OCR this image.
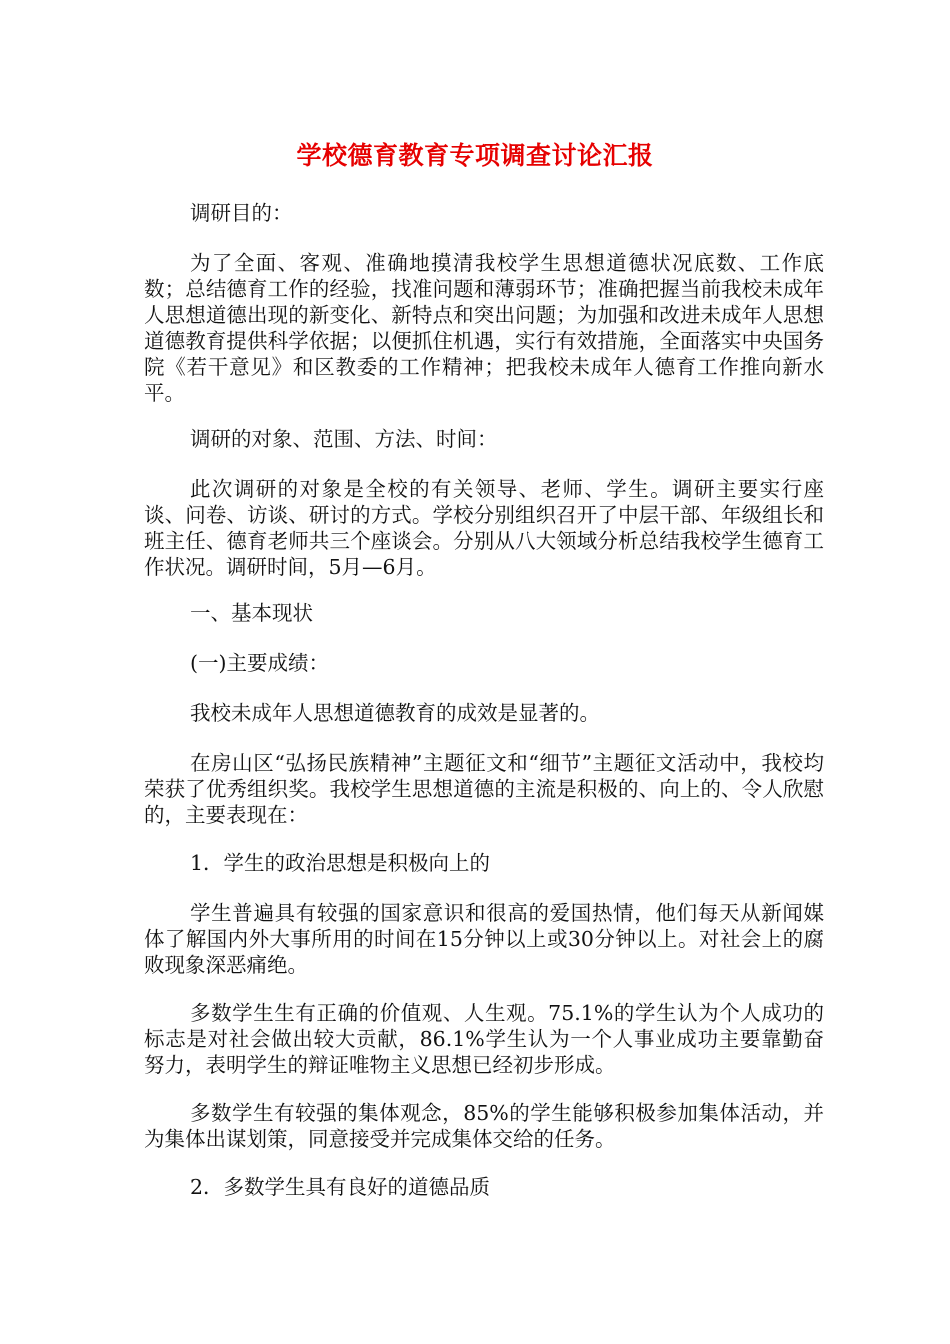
学校德育教育专项调查讨论汇报

调研目的：

为了全面、客观、准确地摸清我校学生思想道德状况底数、工作底数；总结德育工作的经验，找准问题和薄弱环节；准确把握当前我校未成年人思想道德出现的新变化、新特点和突出问题；为加强和改进未成年人思想道德教育提供科学依据；以便抓住机遇，实行有效措施，全面落实中央国务院《若干意见》和区教委的工作精神；把我校未成年人德育工作推向新水平。

调研的对象、范围、方法、时间：

此次调研的对象是全校的有关领导、老师、学生。调研主要实行座谈、问卷、访谈、研讨的方式。学校分别组织召开了中层干部、年级组长和班主任、德育老师共三个座谈会。分别从八大领域分析总结我校学生德育工作状况。调研时间，5月—6月。

一、基本现状

(一)主要成绩：

我校未成年人思想道德教育的成效是显著的。

在房山区“弘扬民族精神”主题征文和“细节”主题征文活动中，我校均荣获了优秀组织奖。我校学生思想道德的主流是积极的、向上的、令人欣慰的，主要表现在：

1．学生的政治思想是积极向上的

学生普遍具有较强的国家意识和很高的爱国热情，他们每天从新闻媒体了解国内外大事所用的时间在15分钟以上或30分钟以上。对社会上的腐败现象深恶痛绝。

多数学生生有正确的价值观、人生观。75.1%的学生认为个人成功的标志是对社会做出较大贡献，86.1%学生认为一个人事业成功主要靠勤奋努力，表明学生的辩证唯物主义思想已经初步形成。

多数学生有较强的集体观念，85%的学生能够积极参加集体活动，并为集体出谋划策，同意接受并完成集体交给的任务。

2．多数学生具有良好的道德品质
